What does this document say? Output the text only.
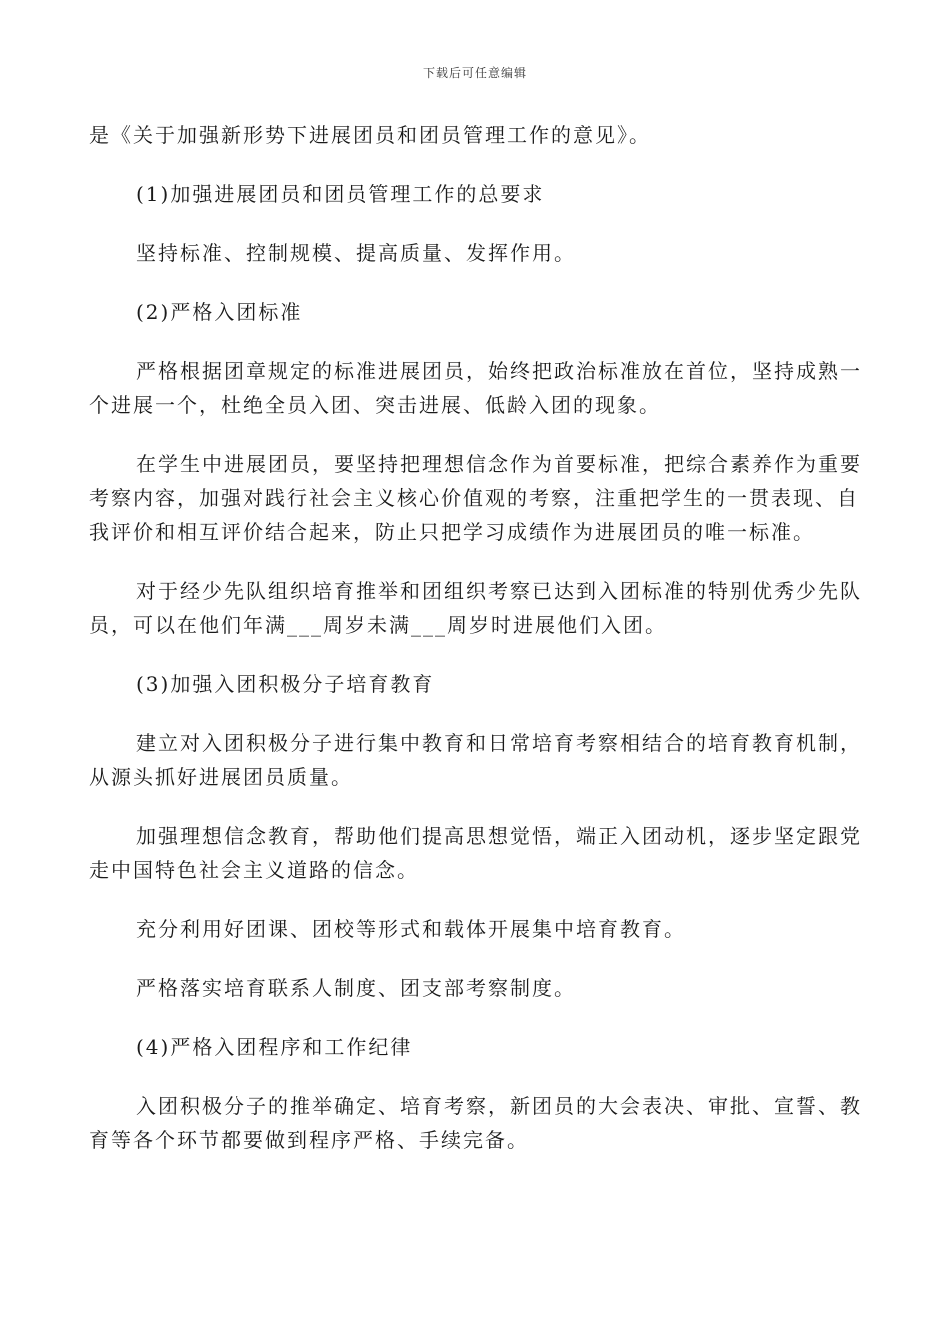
下载后可任意编辑

是《关于加强新形势下进展团员和团员管理工作的意见》。

(1)加强进展团员和团员管理工作的总要求

坚持标准、控制规模、提高质量、发挥作用。

(2)严格入团标准

严格根据团章规定的标准进展团员，始终把政治标准放在首位，坚持成熟一个进展一个，杜绝全员入团、突击进展、低龄入团的现象。

在学生中进展团员，要坚持把理想信念作为首要标准，把综合素养作为重要考察内容，加强对践行社会主义核心价值观的考察，注重把学生的一贯表现、自我评价和相互评价结合起来，防止只把学习成绩作为进展团员的唯一标准。

对于经少先队组织培育推举和团组织考察已达到入团标准的特别优秀少先队员，可以在他们年满___周岁未满___周岁时进展他们入团。

(3)加强入团积极分子培育教育

建立对入团积极分子进行集中教育和日常培育考察相结合的培育教育机制，从源头抓好进展团员质量。

加强理想信念教育，帮助他们提高思想觉悟，端正入团动机，逐步坚定跟党走中国特色社会主义道路的信念。

充分利用好团课、团校等形式和载体开展集中培育教育。

严格落实培育联系人制度、团支部考察制度。

(4)严格入团程序和工作纪律

入团积极分子的推举确定、培育考察，新团员的大会表决、审批、宣誓、教育等各个环节都要做到程序严格、手续完备。
